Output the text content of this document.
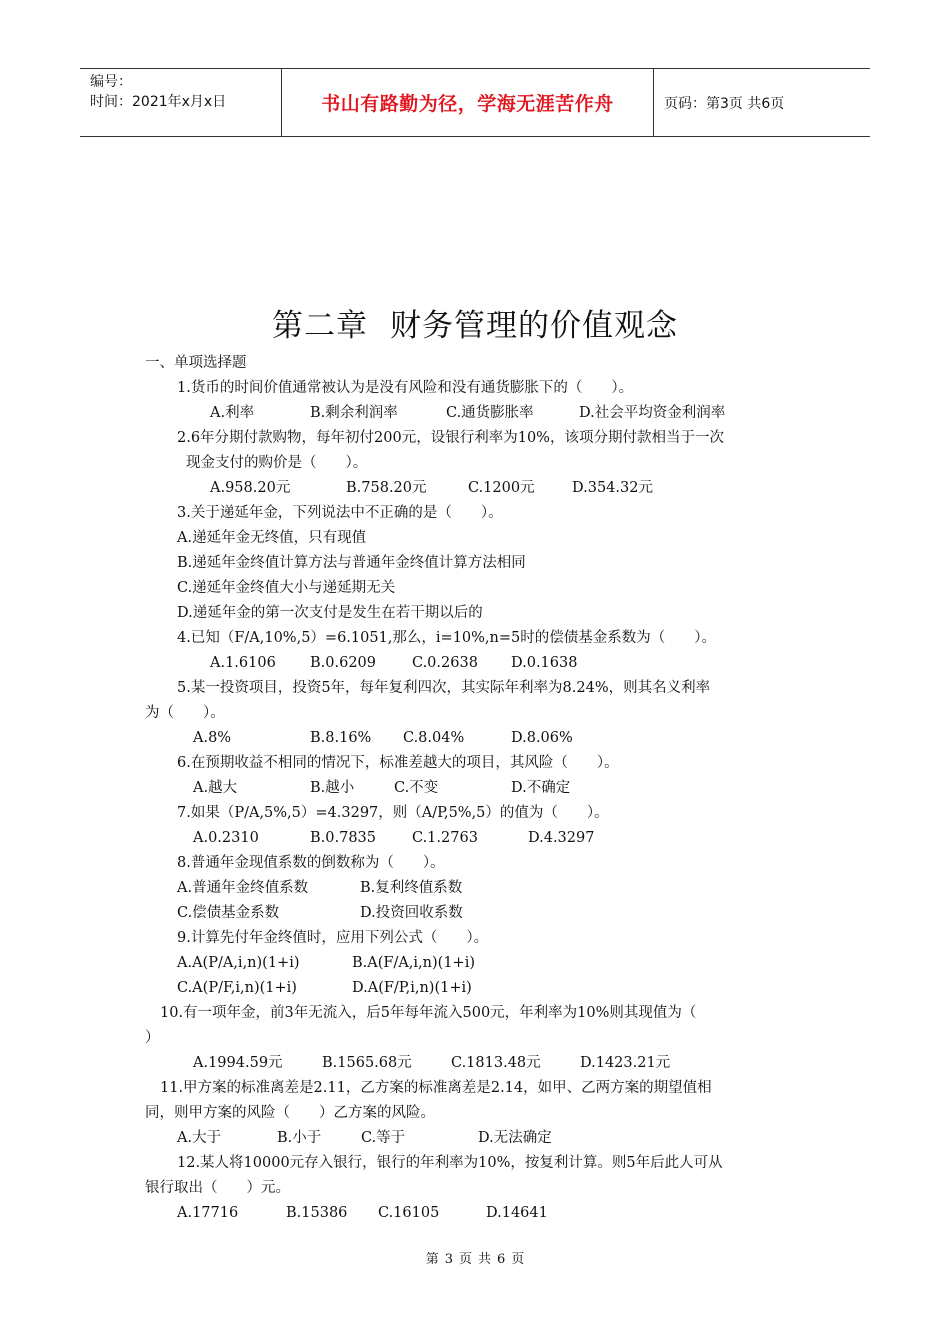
编号：
时间：2021年x月x日	书山有路勤为径，学海无涯苦作舟	页码：第3页 共6页
第二章 财务管理的价值观念
一、单项选择题
1.货币的时间价值通常被认为是没有风险和没有通货膨胀下的（　　）。
A.利率	B.剩余利润率	C.通货膨胀率	D.社会平均资金利润率
2.6年分期付款购物，每年初付200元，设银行利率为10%，该项分期付款相当于一次
现金支付的购价是（　　）。
A.958.20元	B.758.20元	C.1200元	D.354.32元
3.关于递延年金，下列说法中不正确的是（　　）。
A.递延年金无终值，只有现值
B.递延年金终值计算方法与普通年金终值计算方法相同
C.递延年金终值大小与递延期无关
D.递延年金的第一次支付是发生在若干期以后的
4.已知（F/A,10%,5）=6.1051,那么，i=10%,n=5时的偿债基金系数为（　　）。
A.1.6106 B.0.6209 C.0.2638 D.0.1638
5.某一投资项目，投资5年，每年复利四次，其实际年利率为8.24%，则其名义利率
为（　　）。
A.8%	B.8.16% C.8.04%	D.8.06%
6.在预期收益不相同的情况下，标准差越大的项目，其风险（　　）。
A.越大	B.越小	C.不变	D.不确定
7.如果（P/A,5%,5）=4.3297，则（A/P,5%,5）的值为（　　）。
A.0.2310	B.0.7835 C.1.2763	D.4.3297
8.普通年金现值系数的倒数称为（　　）。
A.普通年金终值系数	B.复利终值系数
C.偿债基金系数	D.投资回收系数
9.计算先付年金终值时，应用下列公式（　　）。
A.A(P/A,i,n)(1+i)	B.A(F/A,i,n)(1+i)
C.A(P/F,i,n)(1+i)	D.A(F/P,i,n)(1+i)
10.有一项年金，前3年无流入，后5年每年流入500元，年利率为10%则其现值为（
）
A.1994.59元	B.1565.68元	C.1813.48元	D.1423.21元
11.甲方案的标准离差是2.11，乙方案的标准离差是2.14，如甲、乙两方案的期望值相
同，则甲方案的风险（　　）乙方案的风险。
A.大于	B.小于	C.等于	D.无法确定
12.某人将10000元存入银行，银行的年利率为10%，按复利计算。则5年后此人可从
银行取出（　　）元。
A.17716	B.15386 C.16105	D.14641
第 3 页 共 6 页
